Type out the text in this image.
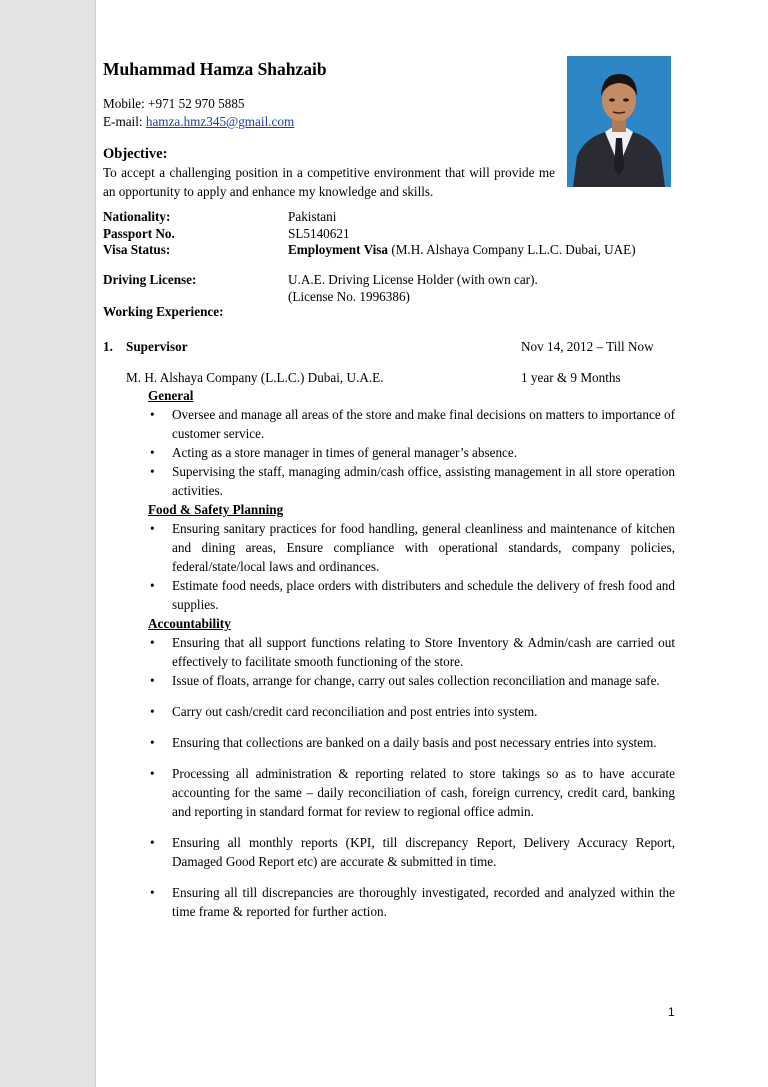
Muhammad Hamza Shahzaib
Mobile: +971 52 970 5885
E-mail: hamza.hmz345@gmail.com
Objective:
To accept a challenging position in a competitive environment that will provide me an opportunity to apply and enhance my knowledge and skills.
Nationality:	Pakistani
Passport No.	SL5140621
Visa Status:	Employment Visa (M.H. Alshaya Company L.L.C. Dubai, UAE)
Driving License:	U.A.E. Driving License Holder (with own car).
(License No. 1996386)
Working Experience:
1. Supervisor	Nov 14, 2012 – Till Now
M. H. Alshaya Company (L.L.C.) Dubai, U.A.E.	1 year & 9 Months
General
• Oversee and manage all areas of the store and make final decisions on matters to importance of customer service.
• Acting as a store manager in times of general manager’s absence.
• Supervising the staff, managing admin/cash office, assisting management in all store operation activities.
Food & Safety Planning
• Ensuring sanitary practices for food handling, general cleanliness and maintenance of kitchen and dining areas, Ensure compliance with operational standards, company policies, federal/state/local laws and ordinances.
• Estimate food needs, place orders with distributers and schedule the delivery of fresh food and supplies.
Accountability
• Ensuring that all support functions relating to Store Inventory & Admin/cash are carried out effectively to facilitate smooth functioning of the store.
• Issue of floats, arrange for change, carry out sales collection reconciliation and manage safe.
• Carry out cash/credit card reconciliation and post entries into system.
• Ensuring that collections are banked on a daily basis and post necessary entries into system.
• Processing all administration & reporting related to store takings so as to have accurate accounting for the same – daily reconciliation of cash, foreign currency, credit card, banking and reporting in standard format for review to regional office admin.
• Ensuring all monthly reports (KPI, till discrepancy Report, Delivery Accuracy Report, Damaged Good Report etc) are accurate & submitted in time.
• Ensuring all till discrepancies are thoroughly investigated, recorded and analyzed within the time frame & reported for further action.
1
